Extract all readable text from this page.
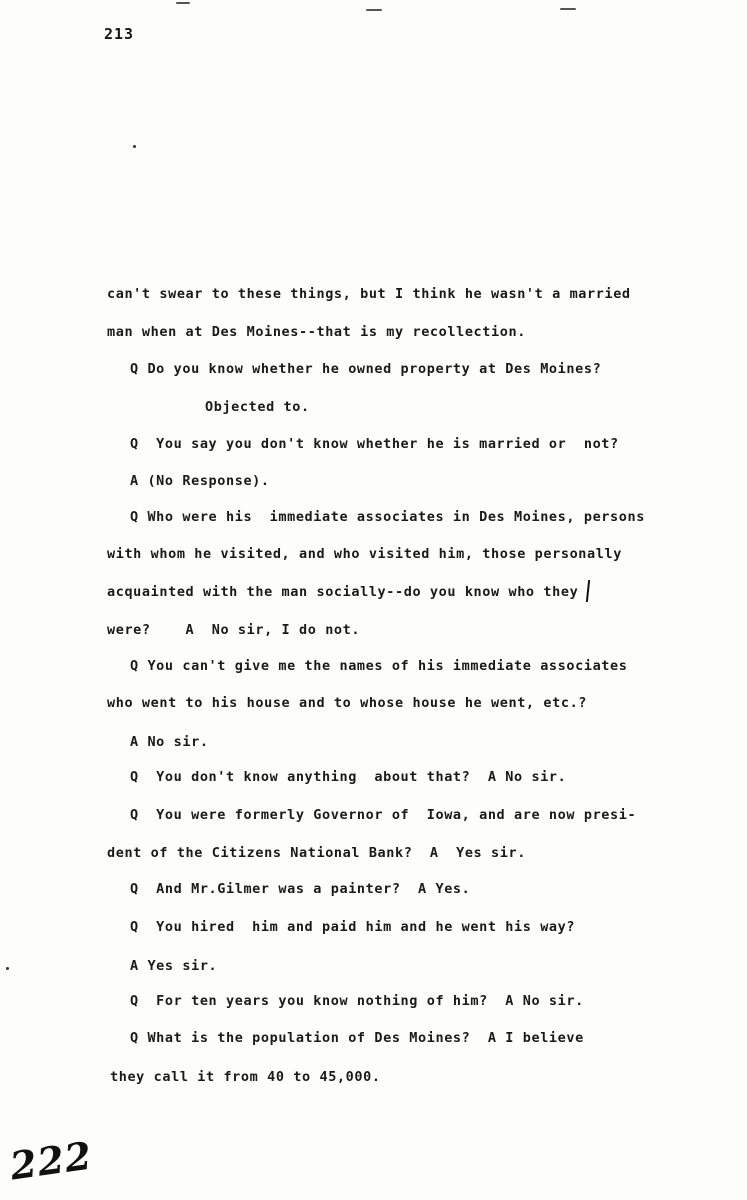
213
can't swear to these things, but I think he wasn't a married
man when at Des Moines--that is my recollection.
Q Do you know whether he owned property at Des Moines?
Objected to.
Q  You say you don't know whether he is married or  not?
A (No Response).
Q Who were his  immediate associates in Des Moines, persons
with whom he visited, and who visited him, those personally
acquainted with the man socially--do you know who they
were?    A  No sir, I do not.
Q You can't give me the names of his immediate associates
who went to his house and to whose house he went, etc.?
A No sir.
Q  You don't know anything  about that?  A No sir.
Q  You were formerly Governor of  Iowa, and are now presi-
dent of the Citizens National Bank?  A  Yes sir.
Q  And Mr.Gilmer was a painter?  A Yes.
Q  You hired  him and paid him and he went his way?
A Yes sir.
Q  For ten years you know nothing of him?  A No sir.
Q What is the population of Des Moines?  A I believe
they call it from 40 to 45,000.
222
